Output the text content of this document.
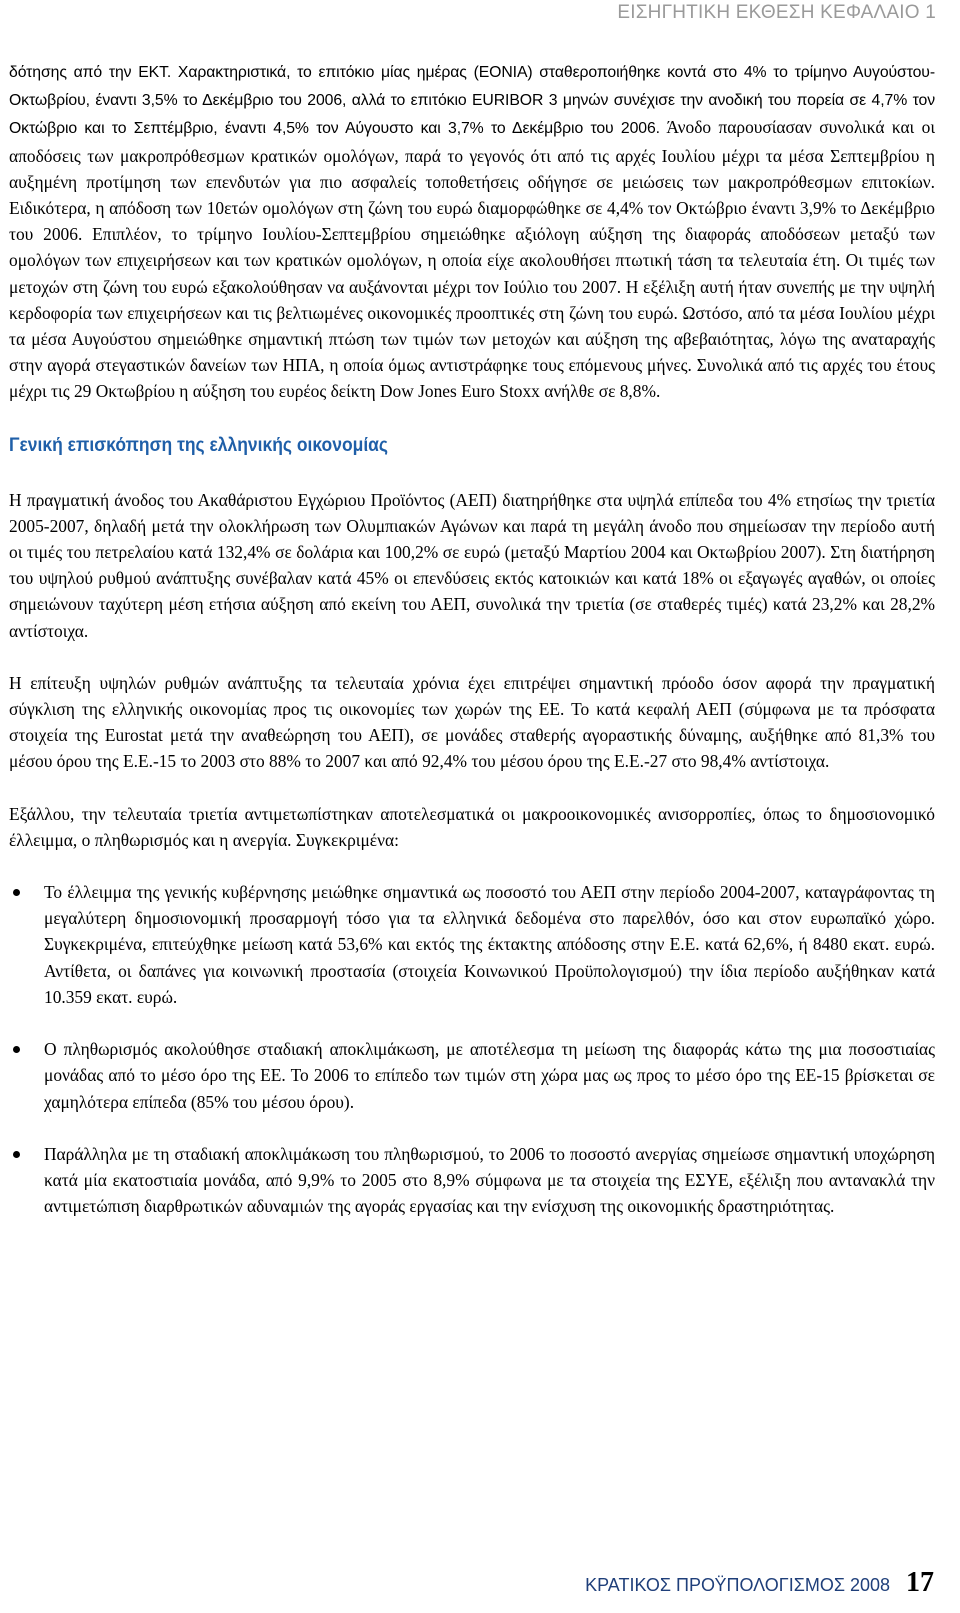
ΕΙΣΗΓΗΤΙΚΗ ΕΚΘΕΣΗ ΚΕΦΑΛΑΙΟ 1

δότησης από την ΕΚΤ. Χαρακτηριστικά, το επιτόκιο μίας ημέρας (EONIA) σταθεροποιήθηκε κοντά στο 4% το τρίμηνο Αυγούστου-Οκτωβρίου, έναντι 3,5% το Δεκέμβριο του 2006, αλλά το επιτόκιο EURIBOR 3 μηνών συνέχισε την ανοδική του πορεία σε 4,7% τον Οκτώβριο και το Σεπτέμβριο, έναντι 4,5% τον Αύγουστο και 3,7% το Δεκέμβριο του 2006. Άνοδο παρουσίασαν συνολικά και οι αποδόσεις των μακροπρόθεσμων κρατικών ομολόγων, παρά το γεγονός ότι από τις αρχές Ιουλίου μέχρι τα μέσα Σεπτεμβρίου η αυξημένη προτίμηση των επενδυτών για πιο ασφαλείς τοποθετήσεις οδήγησε σε μειώσεις των μακροπρόθεσμων επιτοκίων. Ειδικότερα, η απόδοση των 10ετών ομολόγων στη ζώνη του ευρώ διαμορφώθηκε σε 4,4% τον Οκτώβριο έναντι 3,9% το Δεκέμβριο του 2006. Επιπλέον, το τρίμηνο Ιουλίου-Σεπτεμβρίου σημειώθηκε αξιόλογη αύξηση της διαφοράς αποδόσεων μεταξύ των ομολόγων των επιχειρήσεων και των κρατικών ομολόγων, η οποία είχε ακολουθήσει πτωτική τάση τα τελευταία έτη. Οι τιμές των μετοχών στη ζώνη του ευρώ εξακολούθησαν να αυξάνονται μέχρι τον Ιούλιο του 2007. Η εξέλιξη αυτή ήταν συνεπής με την υψηλή κερδοφορία των επιχειρήσεων και τις βελτιωμένες οικονομικές προοπτικές στη ζώνη του ευρώ. Ωστόσο, από τα μέσα Ιουλίου μέχρι τα μέσα Αυγούστου σημειώθηκε σημαντική πτώση των τιμών των μετοχών και αύξηση της αβεβαιότητας, λόγω της αναταραχής στην αγορά στεγαστικών δανείων των ΗΠΑ, η οποία όμως αντιστράφηκε τους επόμενους μήνες. Συνολικά από τις αρχές του έτους μέχρι τις 29 Οκτωβρίου η αύξηση του ευρέος δείκτη Dow Jones Euro Stoxx ανήλθε σε 8,8%.

Γενική επισκόπηση της ελληνικής οικονομίας

Η πραγματική άνοδος του Ακαθάριστου Εγχώριου Προϊόντος (ΑΕΠ) διατηρήθηκε στα υψηλά επίπεδα του 4% ετησίως την τριετία 2005-2007, δηλαδή μετά την ολοκλήρωση των Ολυμπιακών Αγώνων και παρά τη μεγάλη άνοδο που σημείωσαν την περίοδο αυτή οι τιμές του πετρελαίου κατά 132,4% σε δολάρια και 100,2% σε ευρώ (μεταξύ Μαρτίου 2004 και Οκτωβρίου 2007). Στη διατήρηση του υψηλού ρυθμού ανάπτυξης συνέβαλαν κατά 45% οι επενδύσεις εκτός κατοικιών και κατά 18% οι εξαγωγές αγαθών, οι οποίες σημειώνουν ταχύτερη μέση ετήσια αύξηση από εκείνη του ΑΕΠ, συνολικά την τριετία (σε σταθερές τιμές) κατά 23,2% και 28,2% αντίστοιχα.

Η επίτευξη υψηλών ρυθμών ανάπτυξης τα τελευταία χρόνια έχει επιτρέψει σημαντική πρόοδο όσον αφορά την πραγματική σύγκλιση της ελληνικής οικονομίας προς τις οικονομίες των χωρών της ΕΕ. Το κατά κεφαλή ΑΕΠ (σύμφωνα με τα πρόσφατα στοιχεία της Eurostat μετά την αναθεώρηση του ΑΕΠ), σε μονάδες σταθερής αγοραστικής δύναμης, αυξήθηκε από 81,3% του μέσου όρου της Ε.Ε.-15 το 2003 στο 88% το 2007 και από 92,4% του μέσου όρου της Ε.Ε.-27 στο 98,4% αντίστοιχα.

Εξάλλου, την τελευταία τριετία αντιμετωπίστηκαν αποτελεσματικά οι μακροοικονομικές ανισορροπίες, όπως το δημοσιονομικό έλλειμμα, ο πληθωρισμός και η ανεργία. Συγκεκριμένα:

Το έλλειμμα της γενικής κυβέρνησης μειώθηκε σημαντικά ως ποσοστό του ΑΕΠ στην περίοδο 2004-2007, καταγράφοντας τη μεγαλύτερη δημοσιονομική προσαρμογή τόσο για τα ελληνικά δεδομένα στο παρελθόν, όσο και στον ευρωπαϊκό χώρο. Συγκεκριμένα, επιτεύχθηκε μείωση κατά 53,6% και εκτός της έκτακτης απόδοσης στην Ε.Ε. κατά 62,6%, ή 8480 εκατ. ευρώ. Αντίθετα, οι δαπάνες για κοινωνική προστασία (στοιχεία Κοινωνικού Προϋπολογισμού) την ίδια περίοδο αυξήθηκαν κατά 10.359 εκατ. ευρώ.
Ο πληθωρισμός ακολούθησε σταδιακή αποκλιμάκωση, με αποτέλεσμα τη μείωση της διαφοράς κάτω της μια ποσοστιαίας μονάδας από το μέσο όρο της ΕΕ. Το 2006 το επίπεδο των τιμών στη χώρα μας ως προς το μέσο όρο της ΕΕ-15 βρίσκεται σε χαμηλότερα επίπεδα (85% του μέσου όρου).
Παράλληλα με τη σταδιακή αποκλιμάκωση του πληθωρισμού, το 2006 το ποσοστό ανεργίας σημείωσε σημαντική υποχώρηση κατά μία εκατοστιαία μονάδα, από 9,9% το 2005 στο 8,9% σύμφωνα με τα στοιχεία της ΕΣΥΕ, εξέλιξη που αντανακλά την αντιμετώπιση διαρθρωτικών αδυναμιών της αγοράς εργασίας και την ενίσχυση της οικονομικής δραστηριότητας.
ΚΡΑΤΙΚΟΣ ΠΡΟΫΠΟΛΟΓΙΣΜΟΣ 2008 17
